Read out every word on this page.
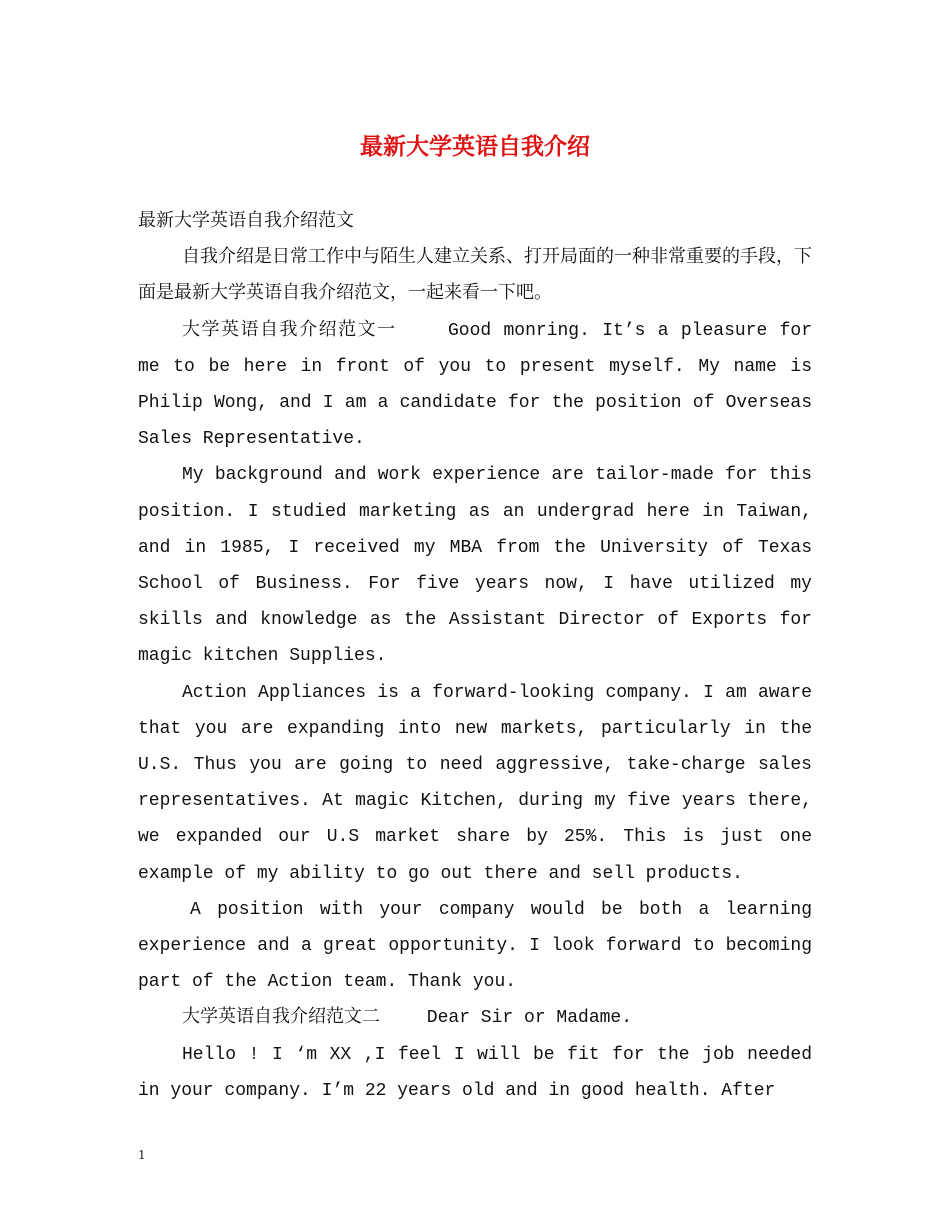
最新大学英语自我介绍

最新大学英语自我介绍范文

自我介绍是日常工作中与陌生人建立关系、打开局面的一种非常重要的手段，下面是最新大学英语自我介绍范文，一起来看一下吧。

大学英语自我介绍范文一　　 Good monring. It’s a pleasure for me to be here in front of you to present myself. My name is Philip Wong, and I am a candidate for the position of Overseas Sales Representative.

My background and work experience are tailor-made for this position. I studied marketing as an undergrad here in Taiwan, and in 1985, I received my MBA from the University of Texas School of Business. For five years now, I have utilized my skills and knowledge as the Assistant Director of Exports for magic kitchen Supplies.

Action Appliances is a forward-looking company. I am aware that you are expanding into new markets, particularly in the U.S. Thus you are going to need aggressive, take-charge sales representatives. At magic Kitchen, during my five years there, we expanded our U.S market share by 25%. This is just one example of my ability to go out there and sell products.

A position with your company would be both a learning experience and a great opportunity. I look forward to becoming part of the Action team. Thank you.

大学英语自我介绍范文二　　 Dear Sir or Madame.

Hello ! I ‘m XX ,I feel I will be fit for the job needed in your company. I’m 22 years old and in good health. After

1
